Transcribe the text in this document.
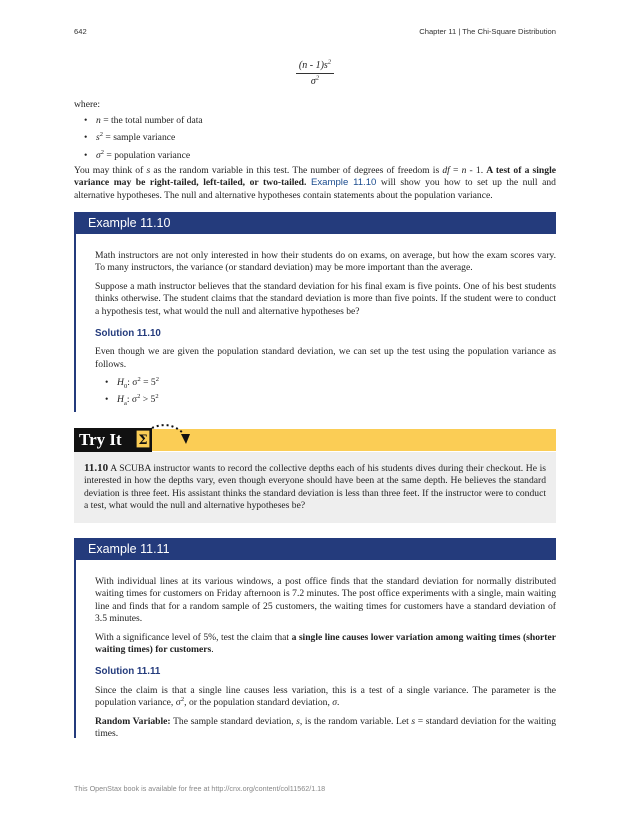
642	Chapter 11 | The Chi-Square Distribution
$\frac{(n - 1)s^2}{\sigma^2}$
where:
• n = the total number of data
• $s^2$ = sample variance
• $\sigma^2$ = population variance

You may think of s as the random variable in this test. The number of degrees of freedom is df = n - 1. A test of a single variance may be right-tailed, left-tailed, or two-tailed. Example 11.10 will show you how to set up the null and alternative hypotheses. The null and alternative hypotheses contain statements about the population variance.

Example 11.10

Math instructors are not only interested in how their students do on exams, on average, but how the exam scores vary. To many instructors, the variance (or standard deviation) may be more important than the average.

Suppose a math instructor believes that the standard deviation for his final exam is five points. One of his best students thinks otherwise. The student claims that the standard deviation is more than five points. If the student were to conduct a hypothesis test, what would the null and alternative hypotheses be?

Solution 11.10

Even though we are given the population standard deviation, we can set up the test using the population variance as follows.

• $H_0$: $\sigma^2 = 5^2$
• $H_a$: $\sigma^2 > 5^2$
Try It	Σ

11.10 A SCUBA instructor wants to record the collective depths each of his students dives during their checkout. He is interested in how the depths vary, even though everyone should have been at the same depth. He believes the standard deviation is three feet. His assistant thinks the standard deviation is less than three feet. If the instructor were to conduct a test, what would the null and alternative hypotheses be?

Example 11.11

With individual lines at its various windows, a post office finds that the standard deviation for normally distributed waiting times for customers on Friday afternoon is 7.2 minutes. The post office experiments with a single, main waiting line and finds that for a random sample of 25 customers, the waiting times for customers have a standard deviation of 3.5 minutes.

With a significance level of 5%, test the claim that a single line causes lower variation among waiting times (shorter waiting times) for customers.

Solution 11.11

Since the claim is that a single line causes less variation, this is a test of a single variance. The parameter is the population variance, $\sigma^2$, or the population standard deviation, σ.

Random Variable: The sample standard deviation, s, is the random variable. Let s = standard deviation for the waiting times.

This OpenStax book is available for free at http://cnx.org/content/col11562/1.18
